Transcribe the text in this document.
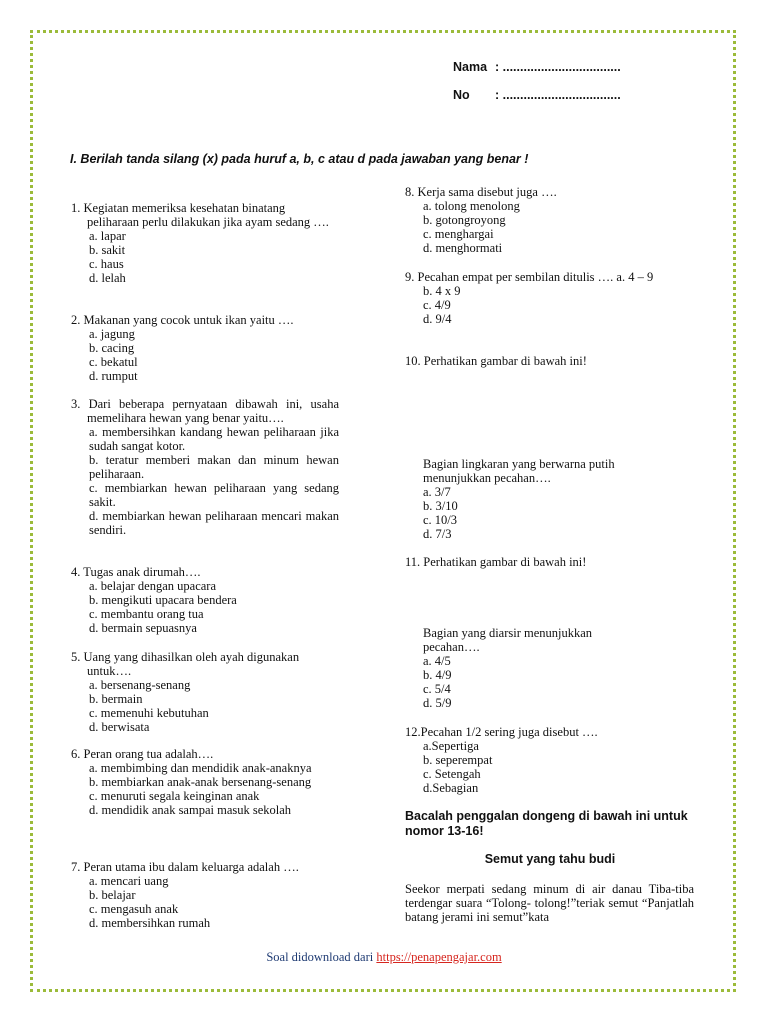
Nama : ..................................
No : ..................................
I. Berilah tanda silang (x) pada huruf a, b, c atau d pada jawaban yang benar !
1. Kegiatan memeriksa kesehatan binatang peliharaan perlu dilakukan jika ayam sedang ….
a. lapar
b. sakit
c. haus
d. lelah
2. Makanan yang cocok untuk ikan yaitu ….
a. jagung
b. cacing
c. bekatul
d. rumput
3. Dari beberapa pernyataan dibawah ini, usaha memelihara hewan yang benar yaitu….
a. membersihkan kandang hewan peliharaan jika sudah sangat kotor.
b. teratur memberi makan dan minum hewan peliharaan.
c. membiarkan hewan peliharaan yang sedang sakit.
d. membiarkan hewan peliharaan mencari makan sendiri.
4. Tugas anak dirumah….
a. belajar dengan upacara
b. mengikuti upacara bendera
c. membantu orang tua
d. bermain sepuasnya
5. Uang yang dihasilkan oleh ayah digunakan untuk….
a. bersenang-senang
b. bermain
c. memenuhi kebutuhan
d. berwisata
6. Peran orang tua adalah….
a. membimbing dan mendidik anak-anaknya
b. membiarkan anak-anak bersenang-senang
c. menuruti segala keinginan anak
d. mendidik anak sampai masuk sekolah
7. Peran utama ibu dalam keluarga adalah ….
a. mencari uang
b. belajar
c. mengasuh anak
d. membersihkan rumah
8. Kerja sama disebut juga ….
a. tolong menolong
b. gotongroyong
c. menghargai
d. menghormati
9. Pecahan empat per sembilan ditulis …. a. 4 – 9
b. 4 x 9
c. 4/9
d. 9/4
10. Perhatikan gambar di bawah ini!
Bagian lingkaran yang berwarna putih menunjukkan pecahan….
a. 3/7
b. 3/10
c. 10/3
d. 7/3
11. Perhatikan gambar di bawah ini!
Bagian yang diarsir menunjukkan pecahan….
a. 4/5
b. 4/9
c. 5/4
d. 5/9
12.Pecahan 1/2 sering juga disebut ….
a.Sepertiga
b. seperempat
c. Setengah
d.Sebagian
Bacalah penggalan dongeng di bawah ini untuk nomor 13-16!
Semut yang tahu budi
Seekor merpati sedang minum di air danau Tiba-tiba terdengar suara “Tolong- tolong!”teriak semut “Panjatlah batang jerami ini semut”kata
Soal didownload dari https://penapengajar.com
